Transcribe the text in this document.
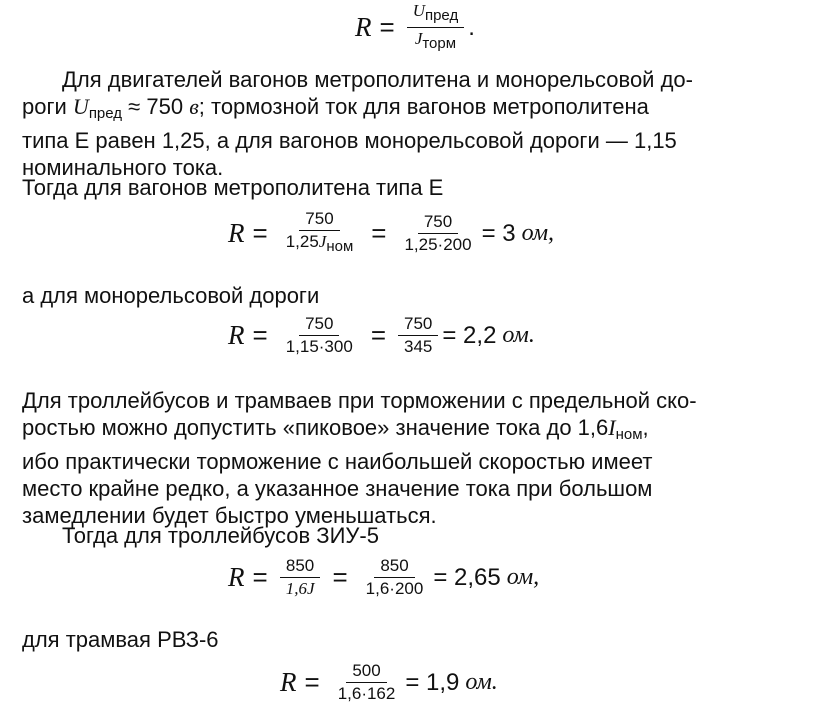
$R = \frac{\text{Uпред}}{\text{Jторм}}$ .
Для двигателей вагонов метрополитена и монорельсовой до-
роги $U_{пред} \approx 750$ в; тормозной ток для вагонов метрополитена
типа Е равен 1,25, а для вагонов монорельсовой дороги — 1,15
номинального тока.
Тогда для вагонов метрополитена типа Е
$R = \frac{750}{\text{1,25Jном}} = \frac{750}{1,25\cdot 200} = 3$ ом,
а для монорельсовой дороги
$R = \frac{750}{1,15\cdot 300} = \frac{750}{345} = 2,2$ ом.
Для троллейбусов и трамваев при торможении с предельной ско-
ростью можно допустить «пиковое» значение тока до $1,6I_{ном}$,
ибо практически торможение с наибольшей скоростью имеет
место крайне редко, а указанное значение тока при большом
замедлении будет быстро уменьшаться.
Тогда для троллейбусов ЗИУ-5
$R = \frac{850}{1,6J} = \frac{850}{1,6\cdot 200} = 2,65$ ом,
для трамвая РВЗ-6
$R = \frac{500}{1,6\cdot 162} = 1,9$ ом.
